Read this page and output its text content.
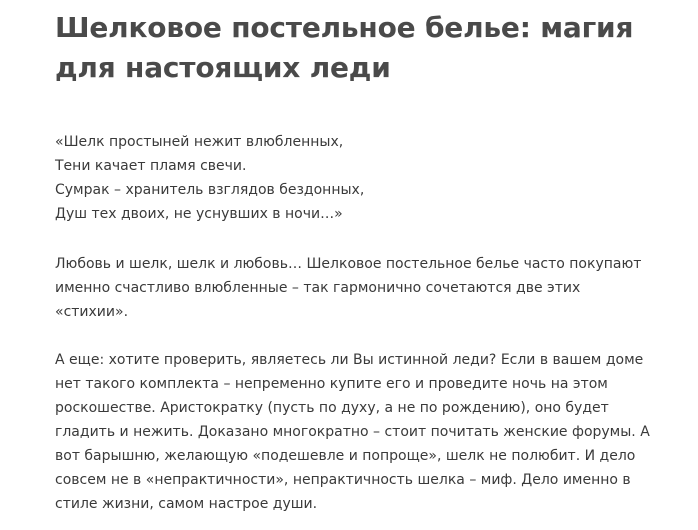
Шелковое постельное белье: магия
для настоящих леди

«Шелк простыней нежит влюбленных,
Тени качает пламя свечи.
Сумрак – хранитель взглядов бездонных,
Душ тех двоих, не уснувших в ночи…»

Любовь и шелк, шелк и любовь… Шелковое постельное белье часто покупают
именно счастливо влюбленные – так гармонично сочетаются две этих
«стихии».

А еще: хотите проверить, являетесь ли Вы истинной леди? Если в вашем доме
нет такого комплекта – непременно купите его и проведите ночь на этом
роскошестве. Аристократку (пусть по духу, а не по рождению), оно будет
гладить и нежить. Доказано многократно – стоит почитать женские форумы. А
вот барышню, желающую «подешевле и попроще», шелк не полюбит. И дело
совсем не в «непрактичности», непрактичность шелка – миф. Дело именно в
стиле жизни, самом настрое души.
